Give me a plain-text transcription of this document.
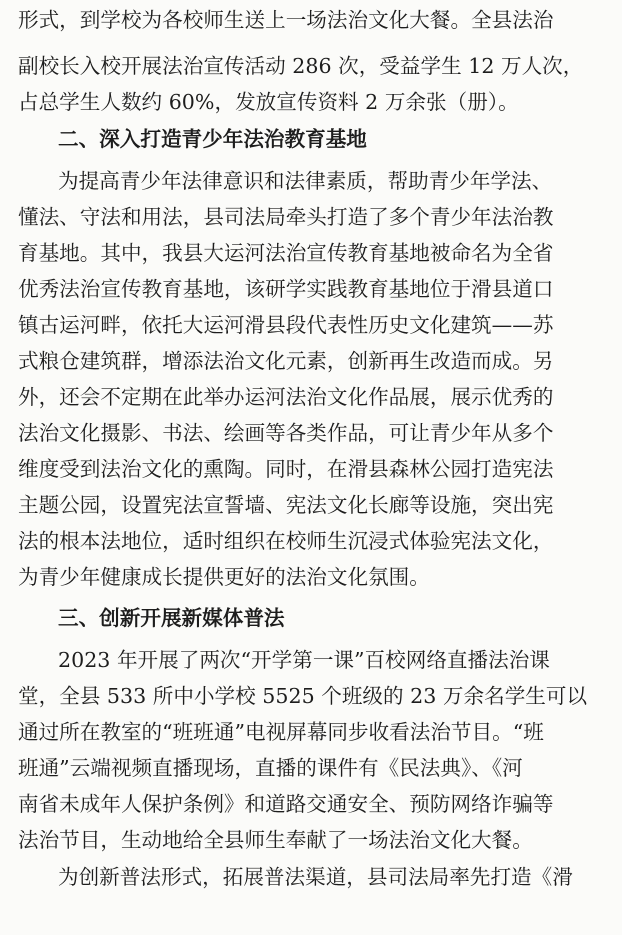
形式，到学校为各校师生送上一场法治文化大餐。全县法治
副校长入校开展法治宣传活动 286 次，受益学生 12 万人次，
占总学生人数约 60%，发放宣传资料 2 万余张（册）。
二、深入打造青少年法治教育基地
为提高青少年法律意识和法律素质，帮助青少年学法、
懂法、守法和用法，县司法局牵头打造了多个青少年法治教
育基地。其中，我县大运河法治宣传教育基地被命名为全省
优秀法治宣传教育基地，该研学实践教育基地位于滑县道口
镇古运河畔，依托大运河滑县段代表性历史文化建筑——苏
式粮仓建筑群，增添法治文化元素，创新再生改造而成。另
外，还会不定期在此举办运河法治文化作品展，展示优秀的
法治文化摄影、书法、绘画等各类作品，可让青少年从多个
维度受到法治文化的熏陶。同时，在滑县森林公园打造宪法
主题公园，设置宪法宣誓墙、宪法文化长廊等设施，突出宪
法的根本法地位，适时组织在校师生沉浸式体验宪法文化，
为青少年健康成长提供更好的法治文化氛围。
三、创新开展新媒体普法
2023 年开展了两次“开学第一课”百校网络直播法治课
堂，全县 533 所中小学校 5525 个班级的 23 万余名学生可以
通过所在教室的“班班通”电视屏幕同步收看法治节目。“班
班通”云端视频直播现场，直播的课件有《民法典》、《河
南省未成年人保护条例》和道路交通安全、预防网络诈骗等
法治节目，生动地给全县师生奉献了一场法治文化大餐。
为创新普法形式，拓展普法渠道，县司法局率先打造《滑
